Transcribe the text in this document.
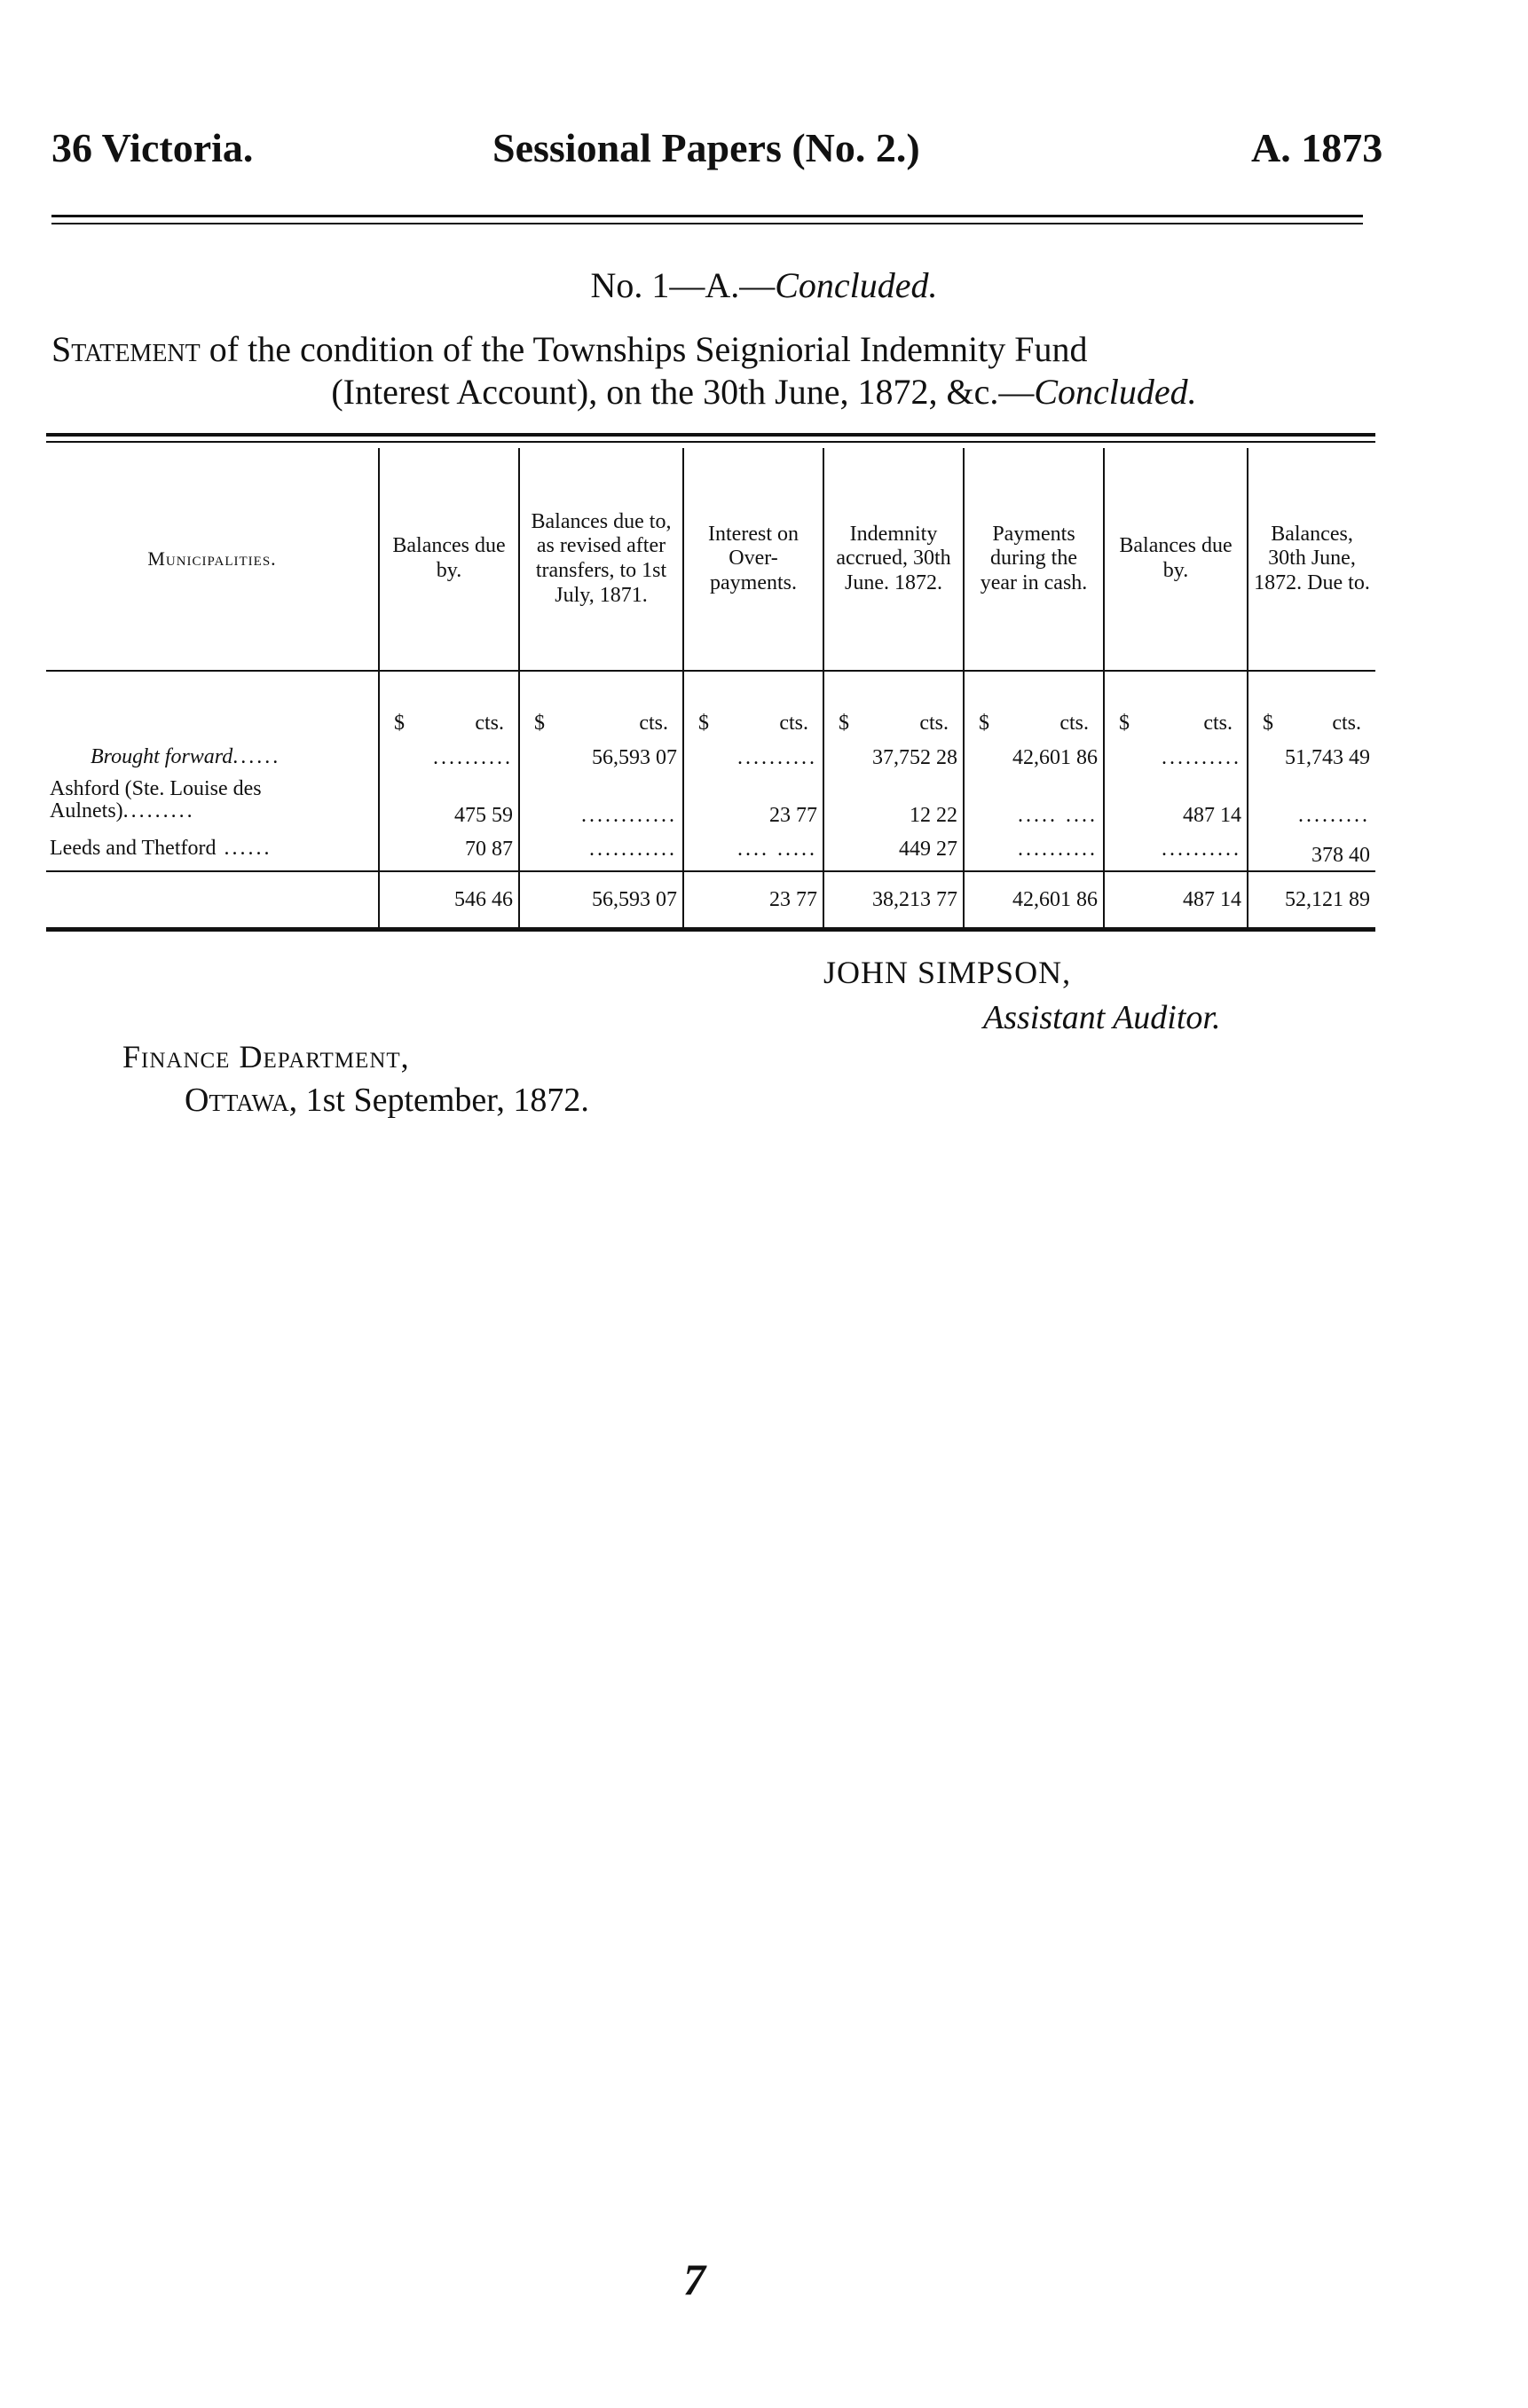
36 Victoria.	Sessional Papers (No. 2.)	A. 1873
No. 1—A.—Concluded.
Statement of the condition of the Townships Seigniorial Indemnity Fund
(Interest Account), on the 30th June, 1872, &c.—Concluded.
Municipalities.	Balances due by.	Balances due to, as revised after transfers, to 1st July, 1871.	Interest on Over-payments.	Indemnity accrued, 30th June. 1872.	Payments during the year in cash.	Balances due by.	Balances, 30th June, 1872. Due to.

	$ cts.	$ cts.	$ cts.	$ cts.	$ cts.	$ cts.	$ cts.

Brought forward......	..........	56,593 07	..........	37,752 28	42,601 86	..........	51,743 49
Ashford (Ste. Louise des Aulnets).........	475 59	............	23 77	12 22	..... ....	487 14	.........
Leeds and Thetford ......	70 87	...........	.... .....	449 27	..........	..........	378 40
	546 46	56,593 07	23 77	38,213 77	42,601 86	487 14	52,121 89
JOHN SIMPSON,
Assistant Auditor.
Finance Department,
Ottawa, 1st September, 1872.
7
